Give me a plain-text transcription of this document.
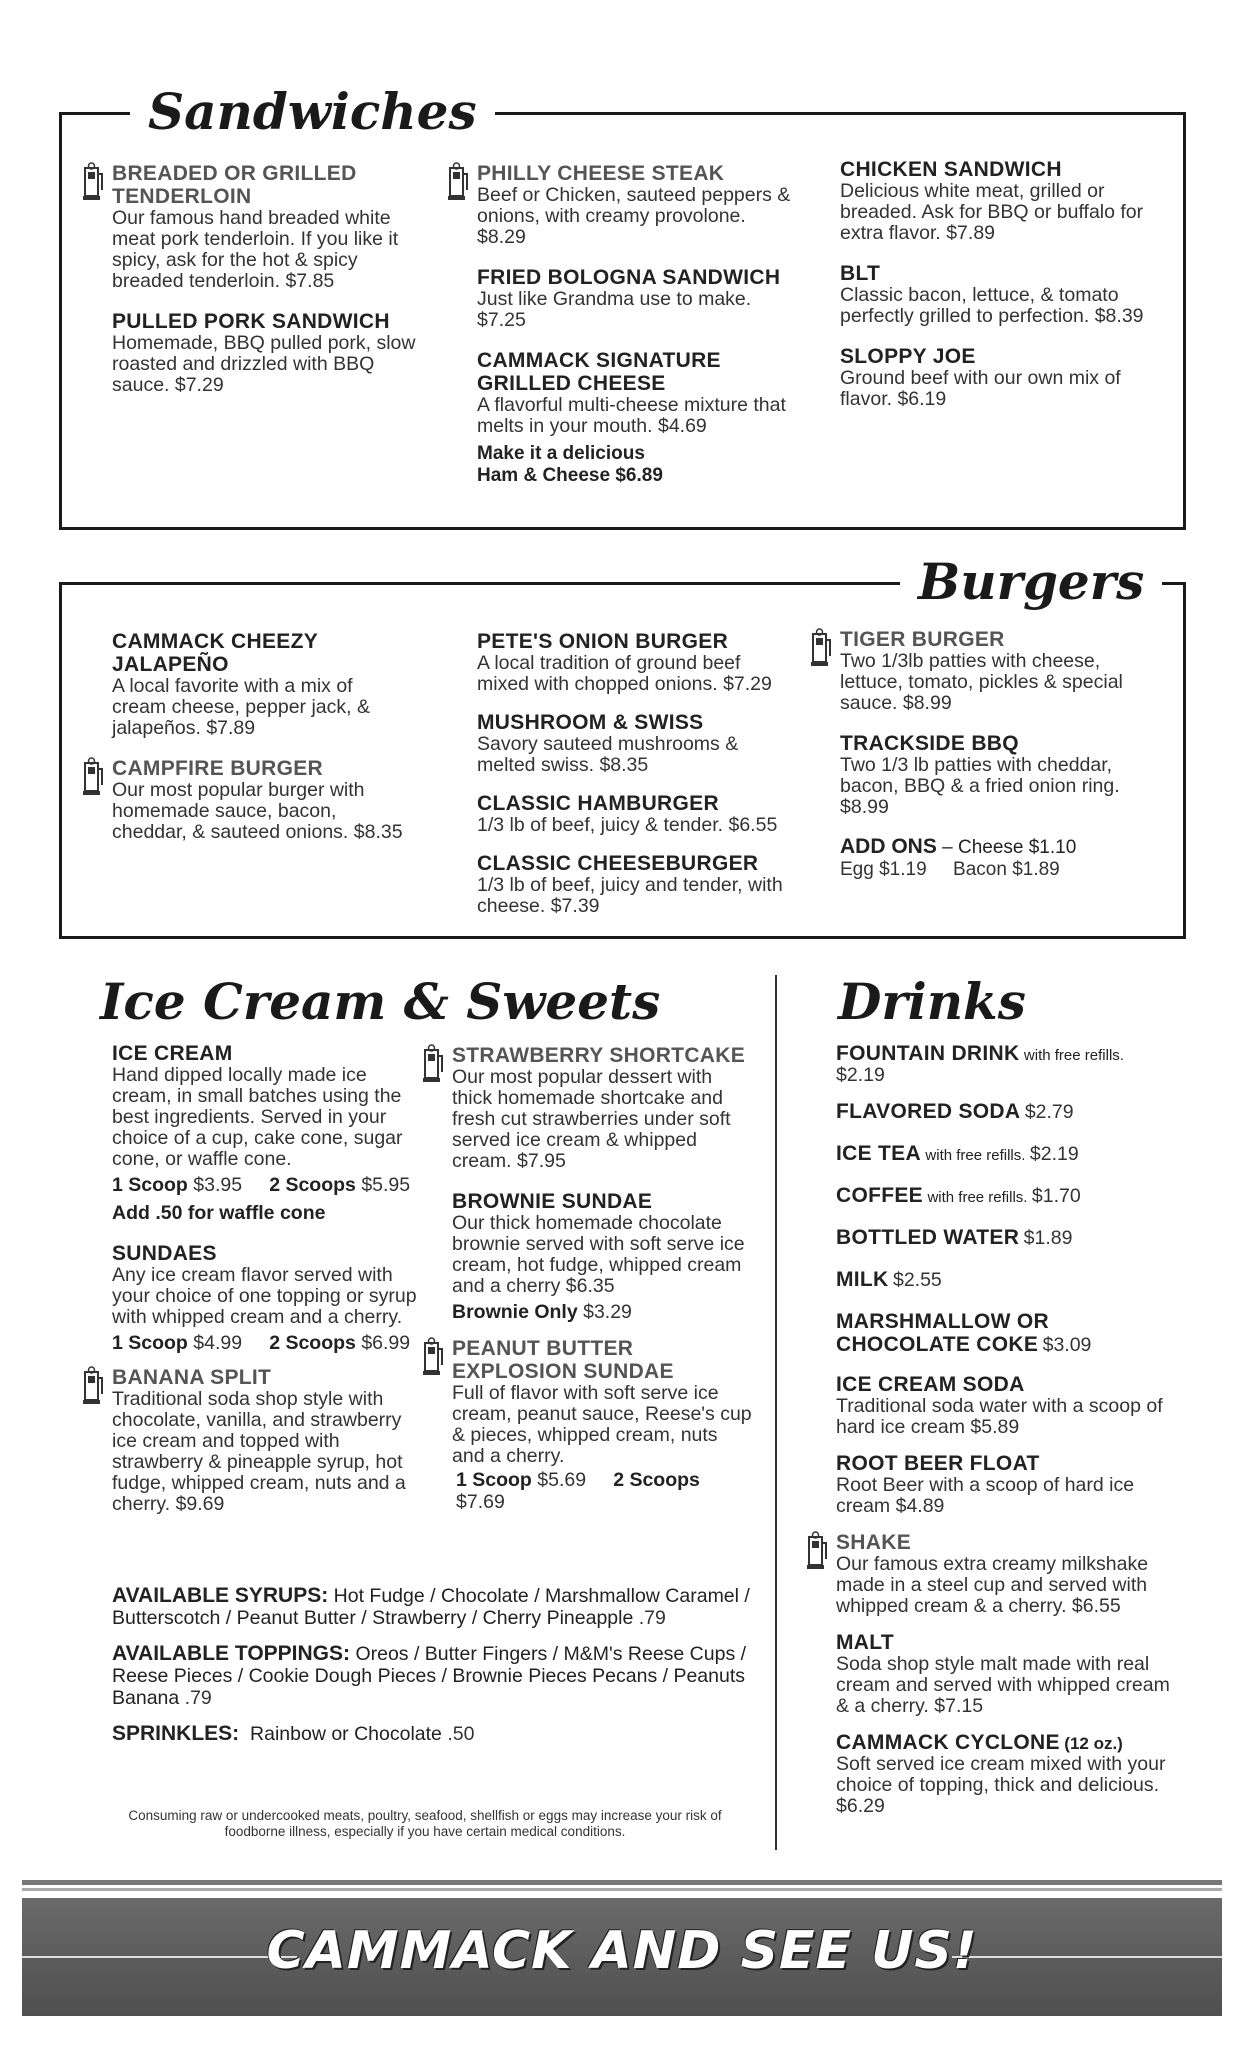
Sandwiches
BREADED OR GRILLED TENDERLOIN
Our famous hand breaded white meat pork tenderloin. If you like it spicy, ask for the hot & spicy breaded tenderloin. $7.85
PULLED PORK SANDWICH
Homemade, BBQ pulled pork, slow roasted and drizzled with BBQ sauce. $7.29
PHILLY CHEESE STEAK
Beef or Chicken, sauteed peppers & onions, with creamy provolone. $8.29
FRIED BOLOGNA SANDWICH
Just like Grandma use to make. $7.25
CAMMACK SIGNATURE GRILLED CHEESE
A flavorful multi-cheese mixture that melts in your mouth. $4.69
Make it a delicious
Ham & Cheese $6.89
CHICKEN SANDWICH
Delicious white meat, grilled or breaded. Ask for BBQ or buffalo for extra flavor. $7.89
BLT
Classic bacon, lettuce, & tomato perfectly grilled to perfection. $8.39
SLOPPY JOE
Ground beef with our own mix of flavor. $6.19
Burgers
CAMMACK CHEEZY JALAPEÑO
A local favorite with a mix of cream cheese, pepper jack, & jalapeños. $7.89
CAMPFIRE BURGER
Our most popular burger with homemade sauce, bacon, cheddar, & sauteed onions. $8.35
PETE'S ONION BURGER
A local tradition of ground beef mixed with chopped onions. $7.29
MUSHROOM & SWISS
Savory sauteed mushrooms & melted swiss. $8.35
CLASSIC HAMBURGER
1/3 lb of beef, juicy & tender. $6.55
CLASSIC CHEESEBURGER
1/3 lb of beef, juicy and tender, with cheese. $7.39
TIGER BURGER
Two 1/3lb patties with cheese, lettuce, tomato, pickles & special sauce. $8.99
TRACKSIDE BBQ
Two 1/3 lb patties with cheddar, bacon, BBQ & a fried onion ring. $8.99
ADD ONS – Cheese $1.10
Egg $1.19 Bacon $1.89
Ice Cream & Sweets
ICE CREAM
Hand dipped locally made ice cream, in small batches using the best ingredients. Served in your choice of a cup, cake cone, sugar cone, or waffle cone.
1 Scoop $3.95 2 Scoops $5.95
Add .50 for waffle cone
SUNDAES
Any ice cream flavor served with your choice of one topping or syrup with whipped cream and a cherry.
1 Scoop $4.99 2 Scoops $6.99
BANANA SPLIT
Traditional soda shop style with chocolate, vanilla, and strawberry ice cream and topped with strawberry & pineapple syrup, hot fudge, whipped cream, nuts and a cherry. $9.69
STRAWBERRY SHORTCAKE
Our most popular dessert with thick homemade shortcake and fresh cut strawberries under soft served ice cream & whipped cream. $7.95
BROWNIE SUNDAE
Our thick homemade chocolate brownie served with soft serve ice cream, hot fudge, whipped cream and a cherry $6.35
Brownie Only $3.29
PEANUT BUTTER EXPLOSION SUNDAE
Full of flavor with soft serve ice cream, peanut sauce, Reese's cup & pieces, whipped cream, nuts and a cherry.
1 Scoop $5.69 2 Scoops $7.69
AVAILABLE SYRUPS: Hot Fudge / Chocolate / Marshmallow Caramel / Butterscotch / Peanut Butter / Strawberry / Cherry Pineapple .79
AVAILABLE TOPPINGS: Oreos / Butter Fingers / M&M's Reese Cups / Reese Pieces / Cookie Dough Pieces / Brownie Pieces Pecans / Peanuts Banana .79
SPRINKLES: Rainbow or Chocolate .50
Consuming raw or undercooked meats, poultry, seafood, shellfish or eggs may increase your risk of foodborne illness, especially if you have certain medical conditions.
Drinks
FOUNTAIN DRINK with free refills.
$2.19
FLAVORED SODA $2.79
ICE TEA with free refills. $2.19
COFFEE with free refills. $1.70
BOTTLED WATER $1.89
MILK $2.55
MARSHMALLOW OR CHOCOLATE COKE $3.09
ICE CREAM SODA
Traditional soda water with a scoop of hard ice cream $5.89
ROOT BEER FLOAT
Root Beer with a scoop of hard ice cream $4.89
SHAKE
Our famous extra creamy milkshake made in a steel cup and served with whipped cream & a cherry. $6.55
MALT
Soda shop style malt made with real cream and served with whipped cream & a cherry. $7.15
CAMMACK CYCLONE (12 oz.)
Soft served ice cream mixed with your choice of topping, thick and delicious. $6.29
CAMMACK AND SEE US!
